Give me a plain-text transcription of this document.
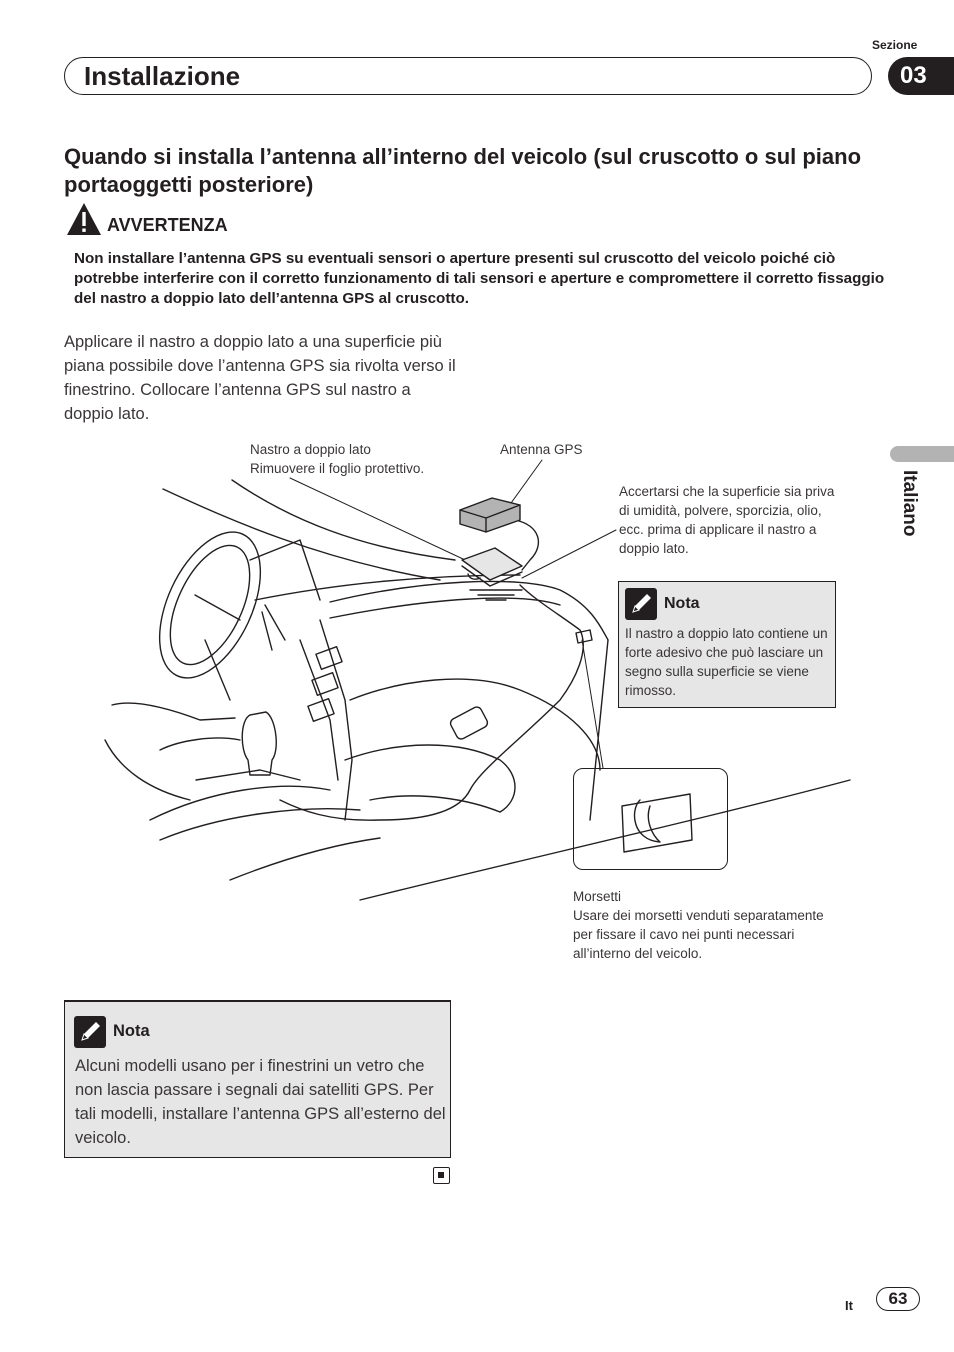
Sezione
Installazione	03
Italiano
Quando si installa l’antenna all’interno del veicolo (sul cruscotto o sul piano portaoggetti posteriore)
AVVERTENZA
Non installare l’antenna GPS su eventuali sensori o aperture presenti sul cruscotto del veicolo poiché ciò potrebbe interferire con il corretto funzionamento di tali sensori e aperture e compromettere il corretto fissaggio del nastro a doppio lato dell’antenna GPS al cruscotto.
Applicare il nastro a doppio lato a una superficie più piana possibile dove l’antenna GPS sia rivolta verso il finestrino. Collocare l’antenna GPS sul nastro a doppio lato.
Nastro a doppio lato
Rimuovere il foglio protettivo.
Antenna GPS
Accertarsi che la superficie sia priva di umidità, polvere, sporcizia, olio, ecc. prima di applicare il nastro a doppio lato.
Nota
Il nastro a doppio lato contiene un forte adesivo che può lasciare un segno sulla superficie se viene rimosso.
Morsetti
Usare dei morsetti venduti separatamente per fissare il cavo nei punti necessari all’interno del veicolo.
Nota
Alcuni modelli usano per i finestrini un vetro che non lascia passare i segnali dai satelliti GPS. Per tali modelli, installare l’antenna GPS all’esterno del veicolo.
It	63
